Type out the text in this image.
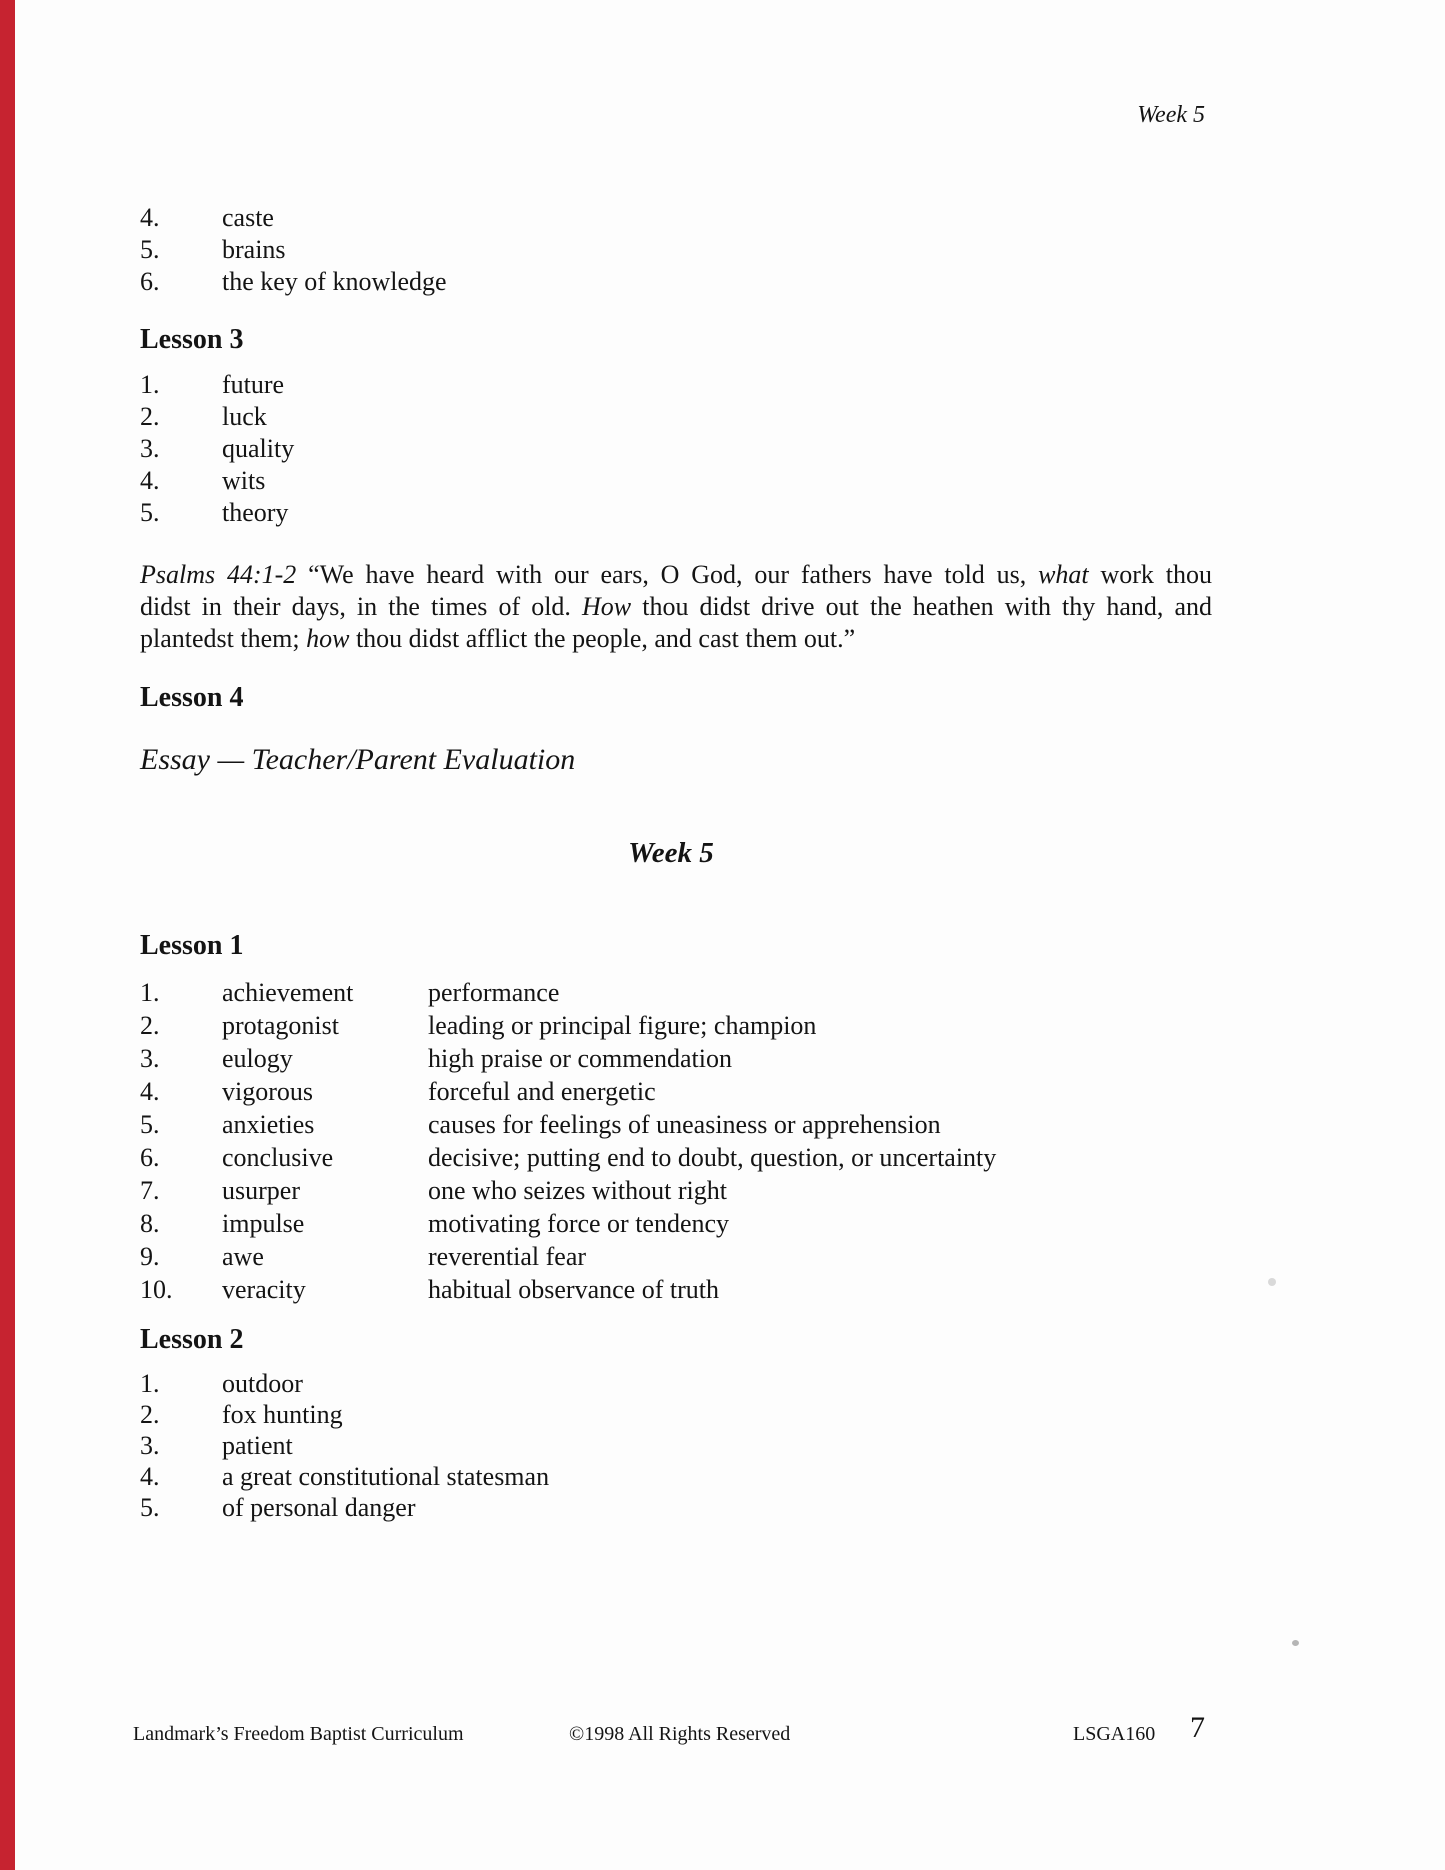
Week 5
4. caste
5. brains
6. the key of knowledge
Lesson 3
1. future
2. luck
3. quality
4. wits
5. theory
Psalms 44:1-2 “We have heard with our ears, O God, our fathers have told us, what work thou
didst in their days, in the times of old. How thou didst drive out the heathen with thy hand, and
plantedst them; how thou didst afflict the people, and cast them out.”
Lesson 4
Essay — Teacher/Parent Evaluation
Week 5
Lesson 1
1. achievement	performance
2. protagonist	leading or principal figure; champion
3. eulogy	high praise or commendation
4. vigorous	forceful and energetic
5. anxieties	causes for feelings of uneasiness or apprehension
6. conclusive	decisive; putting end to doubt, question, or uncertainty
7. usurper	one who seizes without right
8. impulse	motivating force or tendency
9. awe	reverential fear
10. veracity	habitual observance of truth
Lesson 2
1. outdoor
2. fox hunting
3. patient
4. a great constitutional statesman
5. of personal danger
Landmark’s Freedom Baptist Curriculum	©1998 All Rights Reserved	LSGA160 7
